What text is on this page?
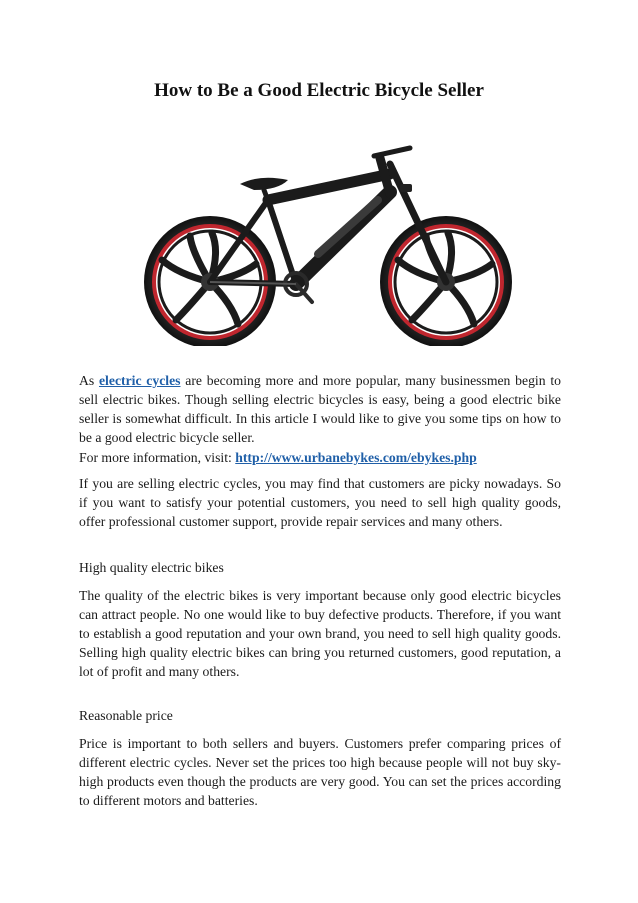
How to Be a Good Electric Bicycle Seller

As electric cycles are becoming more and more popular, many businessmen begin to sell electric bikes. Though selling electric bicycles is easy, being a good electric bike seller is somewhat difficult. In this article I would like to give you some tips on how to be a good electric bicycle seller.

For more information, visit: http://www.urbanebykes.com/ebykes.php

If you are selling electric cycles, you may find that customers are picky nowadays. So if you want to satisfy your potential customers, you need to sell high quality goods, offer professional customer support, provide repair services and many others.

High quality electric bikes

The quality of the electric bikes is very important because only good electric bicycles can attract people. No one would like to buy defective products. Therefore, if you want to establish a good reputation and your own brand, you need to sell high quality goods. Selling high quality electric bikes can bring you returned customers, good reputation, a lot of profit and many others.

Reasonable price

Price is important to both sellers and buyers. Customers prefer comparing prices of different electric cycles. Never set the prices too high because people will not buy sky-high products even though the products are very good. You can set the prices according to different motors and batteries.
